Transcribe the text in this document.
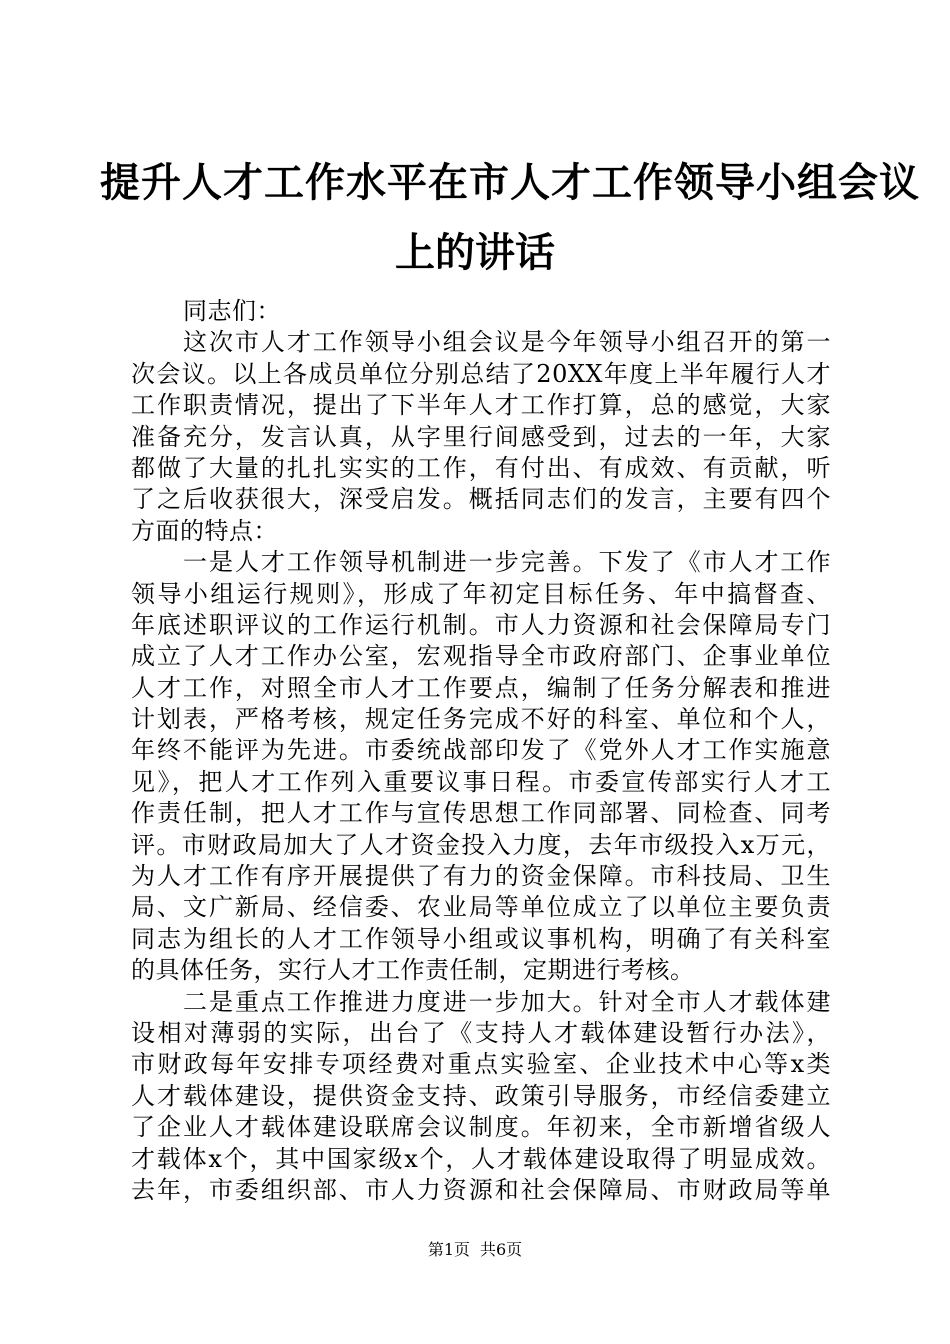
提升人才工作水平在市人才工作领导小组会议
上的讲话
同志们：
这次市人才工作领导小组会议是今年领导小组召开的第一
次会议。以上各成员单位分别总结了20XX年度上半年履行人才
工作职责情况，提出了下半年人才工作打算，总的感觉，大家
准备充分，发言认真，从字里行间感受到，过去的一年，大家
都做了大量的扎扎实实的工作，有付出、有成效、有贡献，听
了之后收获很大，深受启发。概括同志们的发言，主要有四个
方面的特点：
一是人才工作领导机制进一步完善。下发了《市人才工作
领导小组运行规则》，形成了年初定目标任务、年中搞督查、
年底述职评议的工作运行机制。市人力资源和社会保障局专门
成立了人才工作办公室，宏观指导全市政府部门、企事业单位
人才工作，对照全市人才工作要点，编制了任务分解表和推进
计划表，严格考核，规定任务完成不好的科室、单位和个人，
年终不能评为先进。市委统战部印发了《党外人才工作实施意
见》，把人才工作列入重要议事日程。市委宣传部实行人才工
作责任制，把人才工作与宣传思想工作同部署、同检查、同考
评。市财政局加大了人才资金投入力度，去年市级投入x万元，
为人才工作有序开展提供了有力的资金保障。市科技局、卫生
局、文广新局、经信委、农业局等单位成立了以单位主要负责
同志为组长的人才工作领导小组或议事机构，明确了有关科室
的具体任务，实行人才工作责任制，定期进行考核。
二是重点工作推进力度进一步加大。针对全市人才载体建
设相对薄弱的实际，出台了《支持人才载体建设暂行办法》，
市财政每年安排专项经费对重点实验室、企业技术中心等x类
人才载体建设，提供资金支持、政策引导服务，市经信委建立
了企业人才载体建设联席会议制度。年初来，全市新增省级人
才载体x个，其中国家级x个，人才载体建设取得了明显成效。
去年，市委组织部、市人力资源和社会保障局、市财政局等单
第1页 共6页
